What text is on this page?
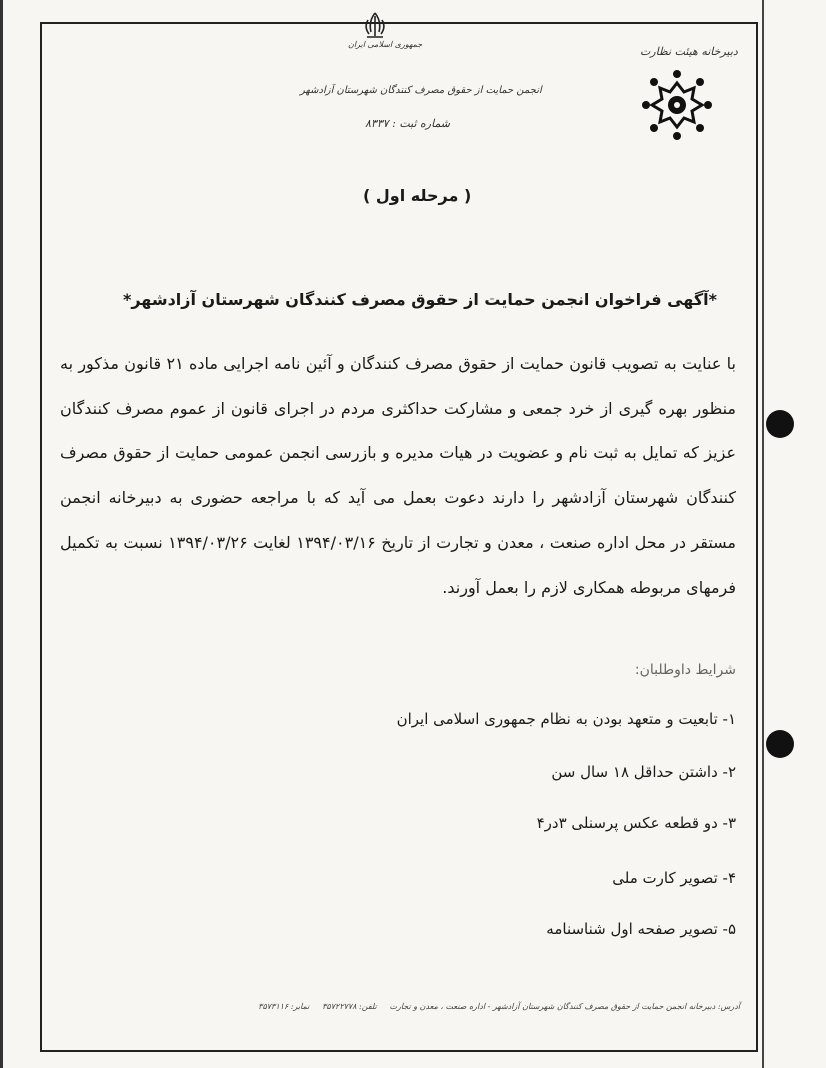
جمهوری اسلامی ایران
انجمن حمایت از حقوق مصرف کنندگان شهرستان آزادشهر
شماره ثبت : ۸۳۳۷
دبیرخانه هیئت نظارت
( مرحله اول )
*آگهی فراخوان انجمن حمایت از حقوق مصرف کنندگان شهرستان آزادشهر*
با عنایت به تصویب قانون حمایت از حقوق مصرف کنندگان و آئین نامه اجرایی ماده ۲۱ قانون مذکور به منظور بهره گیری از خرد جمعی و مشارکت حداکثری مردم در اجرای قانون از عموم مصرف کنندگان عزیز که تمایل به ثبت نام و عضویت در هیات مدیره و بازرسی انجمن عمومی حمایت از حقوق مصرف کنندگان شهرستان آزادشهر را دارند دعوت بعمل می آید که با مراجعه حضوری به دبیرخانه انجمن مستقر در محل اداره صنعت ، معدن و تجارت از تاریخ ۱۳۹۴/۰۳/۱۶ لغایت ۱۳۹۴/۰۳/۲۶ نسبت به تکمیل فرمهای مربوطه همکاری لازم را بعمل آورند.
شرایط داوطلبان:
۱- تابعیت و متعهد بودن به نظام جمهوری اسلامی ایران
۲- داشتن حداقل ۱۸ سال سن
۳- دو قطعه عکس پرسنلی ۳در۴
۴- تصویر کارت ملی
۵- تصویر صفحه اول شناسنامه
آدرس: دبیرخانه انجمن حمایت از حقوق مصرف کنندگان شهرستان آزادشهر - اداره صنعت ، معدن و تجارت     تلفن: ۳۵۷۲۲۷۷۸     نمابر: ۳۵۷۳۱۱۶
